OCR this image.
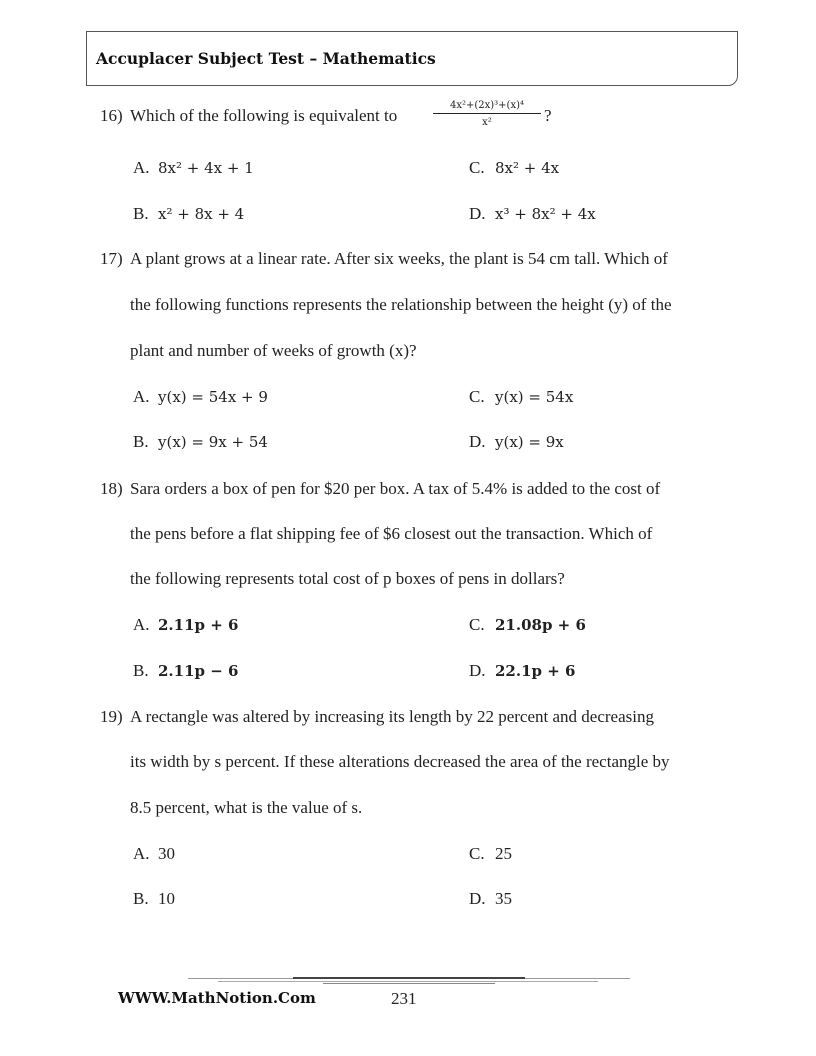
Accuplacer Subject Test – Mathematics
16) Which of the following is equivalent to	$\frac{\text{4x²+(2x)³+(x)⁴}}{\text{x²}}$ ?
A. 8x² + 4x + 1	C. 8x² + 4x
B. x² + 8x + 4	D. x³ + 8x² + 4x
17) A plant grows at a linear rate. After six weeks, the plant is 54 cm tall. Which of
the following functions represents the relationship between the height (y) of the
plant and number of weeks of growth (x)?
A. y(x) = 54x + 9	C. y(x) = 54x
B. y(x) = 9x + 54	D. y(x) = 9x
18) Sara orders a box of pen for $20 per box. A tax of 5.4% is added to the cost of
the pens before a flat shipping fee of $6 closest out the transaction. Which of
the following represents total cost of p boxes of pens in dollars?
A. 2.11p + 6	C. 21.08p + 6
B. 2.11p − 6	D. 22.1p + 6
19) A rectangle was altered by increasing its length by 22 percent and decreasing
its width by s percent. If these alterations decreased the area of the rectangle by
8.5 percent, what is the value of s.
A. 30	C. 25
B. 10	D. 35
WWW.MathNotion.Com	231
